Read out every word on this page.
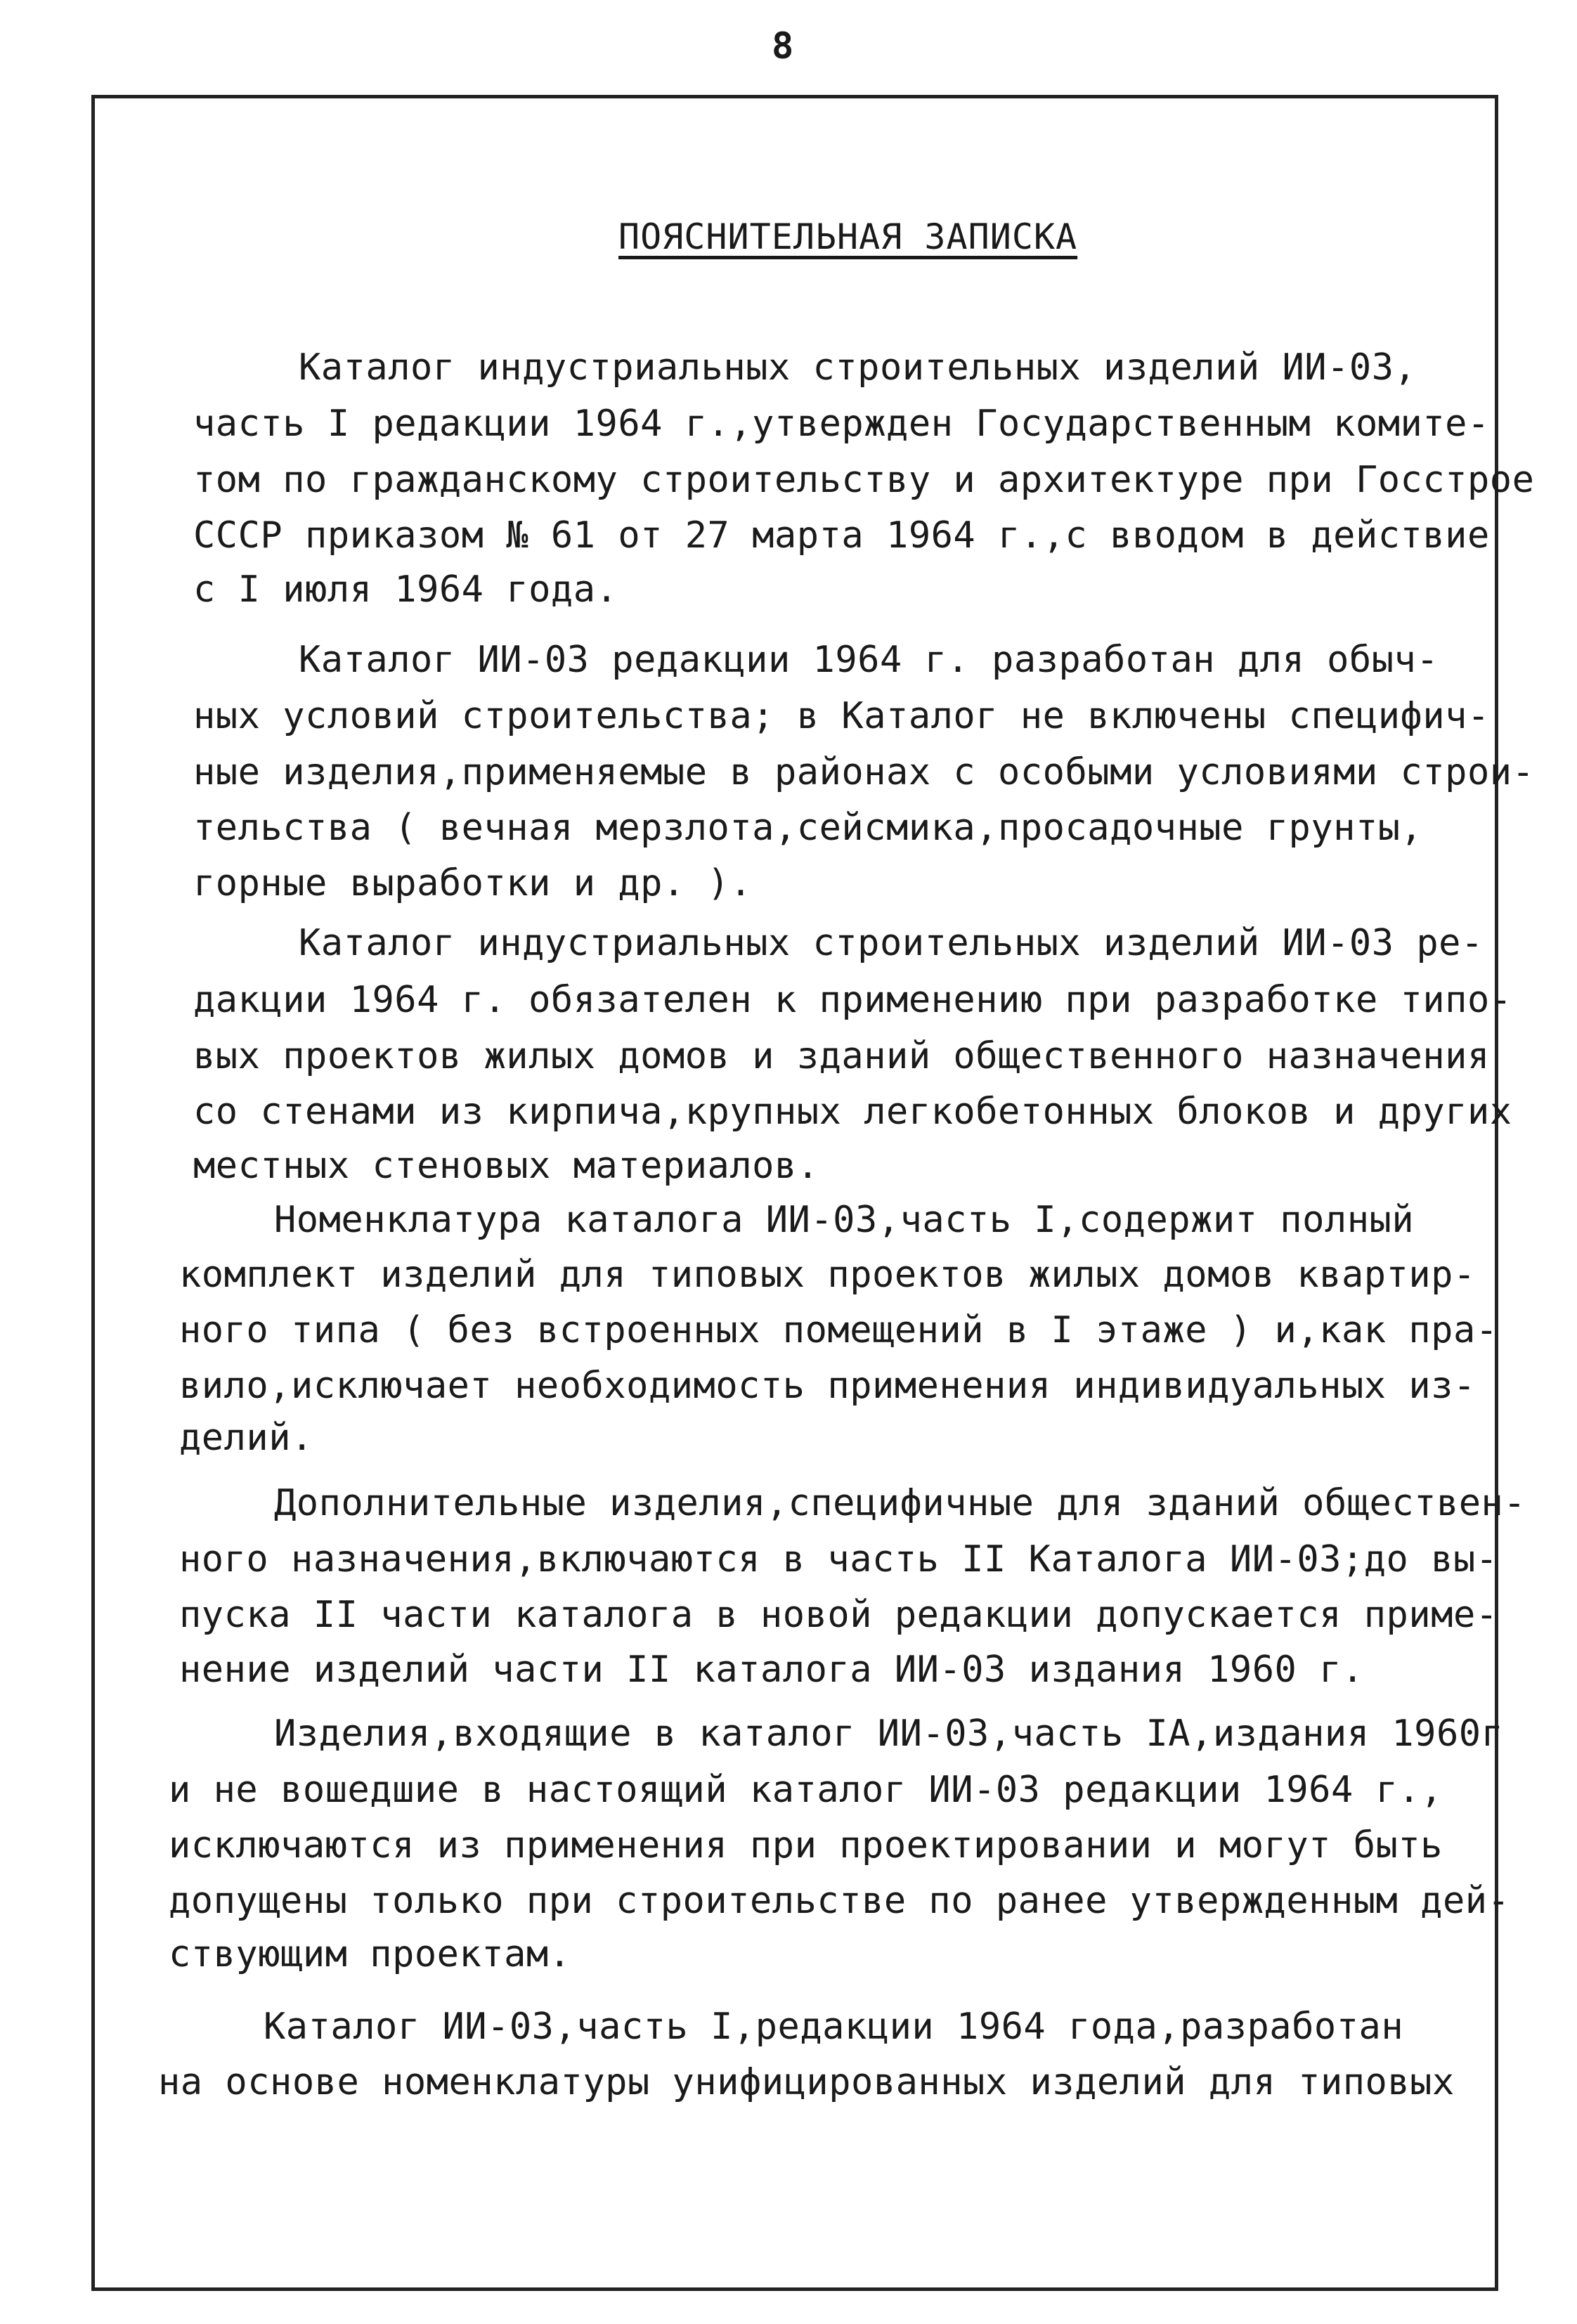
8
ПОЯСНИТЕЛЬНАЯ ЗАПИСКА
Каталог индустриальных строительных изделий ИИ-03,
часть I редакции 1964 г.,утвержден Государственным комите-
том по гражданскому строительству и архитектуре при Госстрое
СССР приказом № 61 от 27 марта 1964 г.,с вводом в действие
с I июля 1964 года.
Каталог ИИ-03 редакции 1964 г. разработан для обыч-
ных условий строительства; в Каталог не включены специфич-
ные изделия,применяемые в районах с особыми условиями строи-
тельства ( вечная мерзлота,сейсмика,просадочные грунты,
горные выработки и др. ).
Каталог индустриальных строительных изделий ИИ-03 ре-
дакции 1964 г. обязателен к применению при разработке типо-
вых проектов жилых домов и зданий общественного назначения
со стенами из кирпича,крупных легкобетонных блоков и других
местных стеновых материалов.
Номенклатура каталога ИИ-03,часть I,содержит полный
комплект изделий для типовых проектов жилых домов квартир-
ного типа ( без встроенных помещений в I этаже ) и,как пра-
вило,исключает необходимость применения индивидуальных из-
делий.
Дополнительные изделия,специфичные для зданий обществен-
ного назначения,включаются в часть II Каталога ИИ-03;до вы-
пуска II части каталога в новой редакции допускается приме-
нение изделий части II каталога ИИ-03 издания 1960 г.
Изделия,входящие в каталог ИИ-03,часть IА,издания 1960г
и не вошедшие в настоящий каталог ИИ-03 редакции 1964 г.,
исключаются из применения при проектировании и могут быть
допущены только при строительстве по ранее утвержденным дей-
ствующим проектам.
Каталог ИИ-03,часть I,редакции 1964 года,разработан
на основе номенклатуры унифицированных изделий для типовых
